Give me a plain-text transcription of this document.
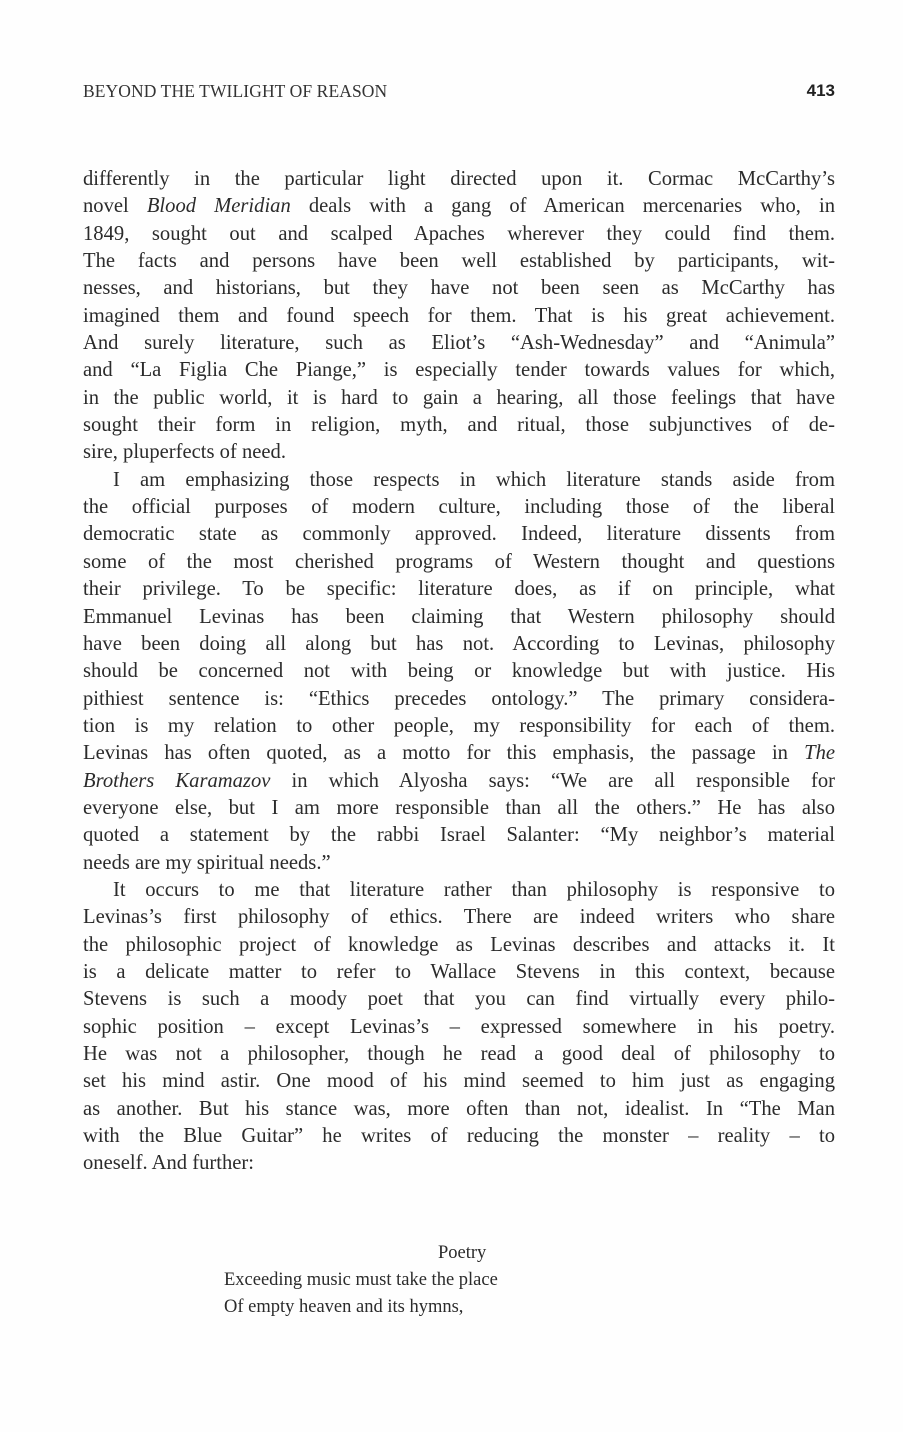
BEYOND THE TWILIGHT OF REASON	413
differently in the particular light directed upon it. Cormac McCarthy’s
novel Blood Meridian deals with a gang of American mercenaries who, in
1849, sought out and scalped Apaches wherever they could find them.
The facts and persons have been well established by participants, wit-
nesses, and historians, but they have not been seen as McCarthy has
imagined them and found speech for them. That is his great achievement.
And surely literature, such as Eliot’s “Ash-Wednesday” and “Animula”
and “La Figlia Che Piange,” is especially tender towards values for which,
in the public world, it is hard to gain a hearing, all those feelings that have
sought their form in religion, myth, and ritual, those subjunctives of de-
sire, pluperfects of need.
I am emphasizing those respects in which literature stands aside from
the official purposes of modern culture, including those of the liberal
democratic state as commonly approved. Indeed, literature dissents from
some of the most cherished programs of Western thought and questions
their privilege. To be specific: literature does, as if on principle, what
Emmanuel Levinas has been claiming that Western philosophy should
have been doing all along but has not. According to Levinas, philosophy
should be concerned not with being or knowledge but with justice. His
pithiest sentence is: “Ethics precedes ontology.” The primary considera-
tion is my relation to other people, my responsibility for each of them.
Levinas has often quoted, as a motto for this emphasis, the passage in The
Brothers Karamazov in which Alyosha says: “We are all responsible for
everyone else, but I am more responsible than all the others.” He has also
quoted a statement by the rabbi Israel Salanter: “My neighbor’s material
needs are my spiritual needs.”
It occurs to me that literature rather than philosophy is responsive to
Levinas’s first philosophy of ethics. There are indeed writers who share
the philosophic project of knowledge as Levinas describes and attacks it. It
is a delicate matter to refer to Wallace Stevens in this context, because
Stevens is such a moody poet that you can find virtually every philo-
sophic position – except Levinas’s – expressed somewhere in his poetry.
He was not a philosopher, though he read a good deal of philosophy to
set his mind astir. One mood of his mind seemed to him just as engaging
as another. But his stance was, more often than not, idealist. In “The Man
with the Blue Guitar” he writes of reducing the monster – reality – to
oneself. And further:
Poetry
Exceeding music must take the place
Of empty heaven and its hymns,
